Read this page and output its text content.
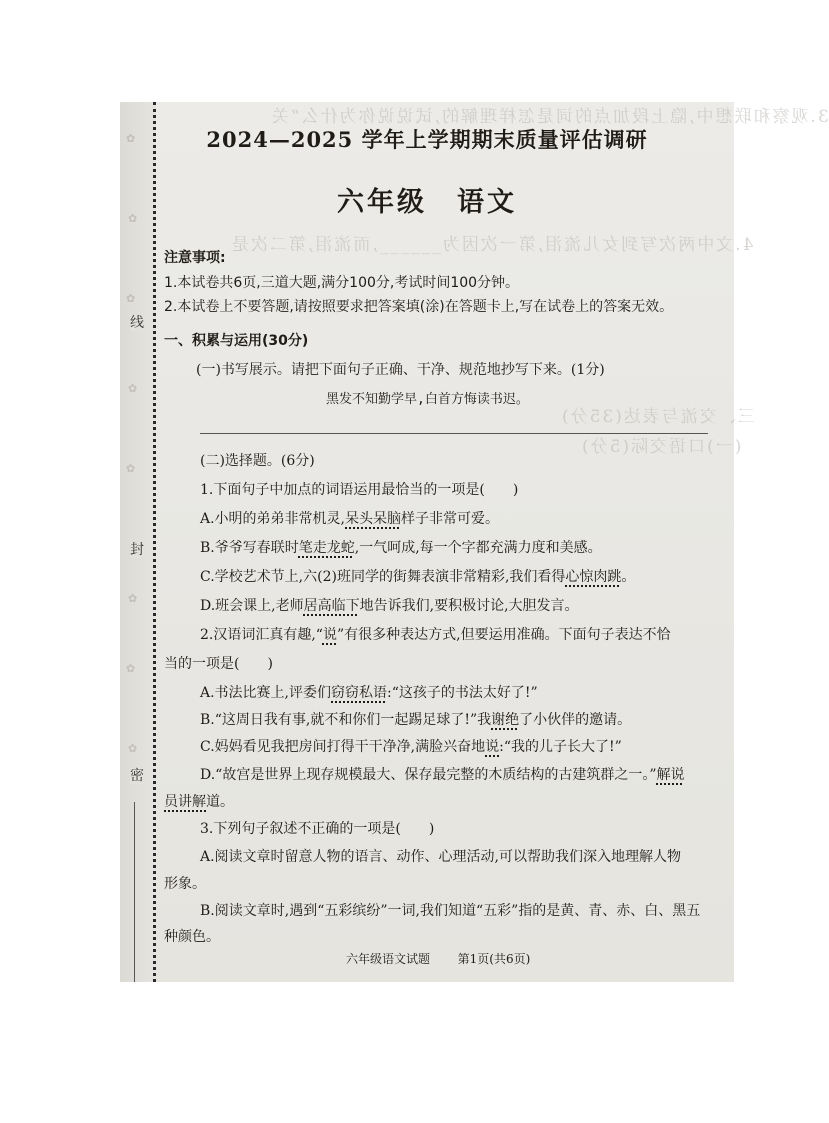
3.观察和联想中,隐上段加点的词是怎样理解的,试说说你为什么“关
4.文中两次写到女儿流泪,第一次因为______,而流泪,第二次是
三、交流与表达(35分)
(一)口语交际(5分)
✿
✿
✿
✿
✿
✿
✿
✿
线
封
密
2024—2025 学年上学期期末质量评估调研
六年级　语文
注意事项:
1.本试卷共6页,三道大题,满分100分,考试时间100分钟。
2.本试卷上不要答题,请按照要求把答案填(涂)在答题卡上,写在试卷上的答案无效。
一、积累与运用(30分)
(一)书写展示。请把下面句子正确、干净、规范地抄写下来。(1分)
黑发不知勤学早,白首方悔读书迟。
(二)选择题。(6分)
1.下面句子中加点的词语运用最恰当的一项是(　　)
A.小明的弟弟非常机灵,呆头呆脑样子非常可爱。
B.爷爷写春联时笔走龙蛇,一气呵成,每一个字都充满力度和美感。
C.学校艺术节上,六(2)班同学的街舞表演非常精彩,我们看得心惊肉跳。
D.班会课上,老师居高临下地告诉我们,要积极讨论,大胆发言。
2.汉语词汇真有趣,“说”有很多种表达方式,但要运用准确。下面句子表达不恰
当的一项是(　　)
A.书法比赛上,评委们窃窃私语:“这孩子的书法太好了!”
B.“这周日我有事,就不和你们一起踢足球了!”我谢绝了小伙伴的邀请。
C.妈妈看见我把房间打得干干净净,满脸兴奋地说:“我的儿子长大了!”
D.“故宫是世界上现存规模最大、保存最完整的木质结构的古建筑群之一。”解说
员讲解道。
3.下列句子叙述不正确的一项是(　　)
A.阅读文章时留意人物的语言、动作、心理活动,可以帮助我们深入地理解人物
形象。
B.阅读文章时,遇到“五彩缤纷”一词,我们知道“五彩”指的是黄、青、赤、白、黑五
种颜色。
六年级语文试题 第1页(共6页)
